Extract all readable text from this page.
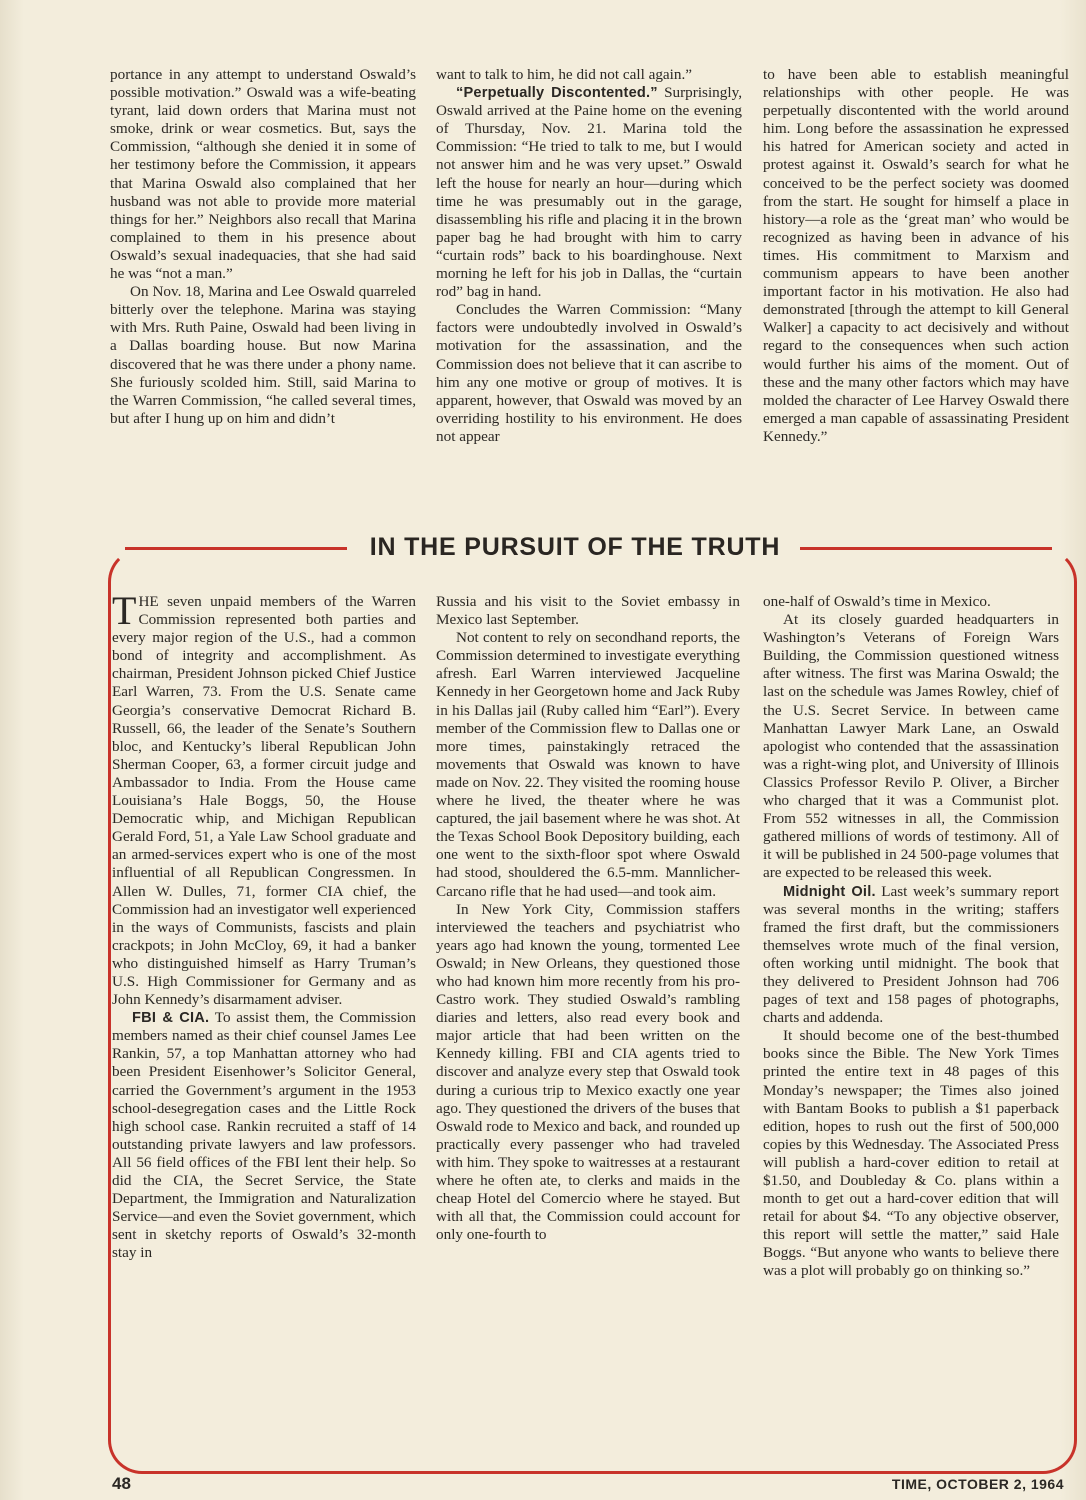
portance in any attempt to understand Oswald’s possible motivation.” Oswald was a wife-beating tyrant, laid down orders that Marina must not smoke, drink or wear cosmetics. But, says the Commission, “although she denied it in some of her testimony before the Commission, it appears that Marina Oswald also complained that her husband was not able to provide more material things for her.” Neighbors also recall that Marina complained to them in his presence about Oswald’s sexual inadequacies, that she had said he was “not a man.”

On Nov. 18, Marina and Lee Oswald quarreled bitterly over the telephone. Marina was staying with Mrs. Ruth Paine, Oswald had been living in a Dallas boarding house. But now Marina discovered that he was there under a phony name. She furiously scolded him. Still, said Marina to the Warren Commission, “he called several times, but after I hung up on him and didn’t

want to talk to him, he did not call again.”

“Perpetually Discontented.” Surprisingly, Oswald arrived at the Paine home on the evening of Thursday, Nov. 21. Marina told the Commission: “He tried to talk to me, but I would not answer him and he was very upset.” Oswald left the house for nearly an hour—during which time he was presumably out in the garage, disassembling his rifle and placing it in the brown paper bag he had brought with him to carry “curtain rods” back to his boardinghouse. Next morning he left for his job in Dallas, the “curtain rod” bag in hand.

Concludes the Warren Commission: “Many factors were undoubtedly involved in Oswald’s motivation for the assassination, and the Commission does not believe that it can ascribe to him any one motive or group of motives. It is apparent, however, that Oswald was moved by an overriding hostility to his environment. He does not appear

to have been able to establish meaningful relationships with other people. He was perpetually discontented with the world around him. Long before the assassination he expressed his hatred for American society and acted in protest against it. Oswald’s search for what he conceived to be the perfect society was doomed from the start. He sought for himself a place in history—a role as the ‘great man’ who would be recognized as having been in advance of his times. His commitment to Marxism and communism appears to have been another important factor in his motivation. He also had demonstrated [through the attempt to kill General Walker] a capacity to act decisively and without regard to the consequences when such action would further his aims of the moment. Out of these and the many other factors which may have molded the character of Lee Harvey Oswald there emerged a man capable of assassinating President Kennedy.”

IN THE PURSUIT OF THE TRUTH

THE seven unpaid members of the Warren Commission represented both parties and every major region of the U.S., had a common bond of integrity and accomplishment. As chairman, President Johnson picked Chief Justice Earl Warren, 73. From the U.S. Senate came Georgia’s conservative Democrat Richard B. Russell, 66, the leader of the Senate’s Southern bloc, and Kentucky’s liberal Republican John Sherman Cooper, 63, a former circuit judge and Ambassador to India. From the House came Louisiana’s Hale Boggs, 50, the House Democratic whip, and Michigan Republican Gerald Ford, 51, a Yale Law School graduate and an armed-services expert who is one of the most influential of all Republican Congressmen. In Allen W. Dulles, 71, former CIA chief, the Commission had an investigator well experienced in the ways of Communists, fascists and plain crackpots; in John McCloy, 69, it had a banker who distinguished himself as Harry Truman’s U.S. High Commissioner for Germany and as John Kennedy’s disarmament adviser.

FBI & CIA. To assist them, the Commission members named as their chief counsel James Lee Rankin, 57, a top Manhattan attorney who had been President Eisenhower’s Solicitor General, carried the Government’s argument in the 1953 school-desegregation cases and the Little Rock high school case. Rankin recruited a staff of 14 outstanding private lawyers and law professors. All 56 field offices of the FBI lent their help. So did the CIA, the Secret Service, the State Department, the Immigration and Naturalization Service—and even the Soviet government, which sent in sketchy reports of Oswald’s 32-month stay in

Russia and his visit to the Soviet embassy in Mexico last September.

Not content to rely on secondhand reports, the Commission determined to investigate everything afresh. Earl Warren interviewed Jacqueline Kennedy in her Georgetown home and Jack Ruby in his Dallas jail (Ruby called him “Earl”). Every member of the Commission flew to Dallas one or more times, painstakingly retraced the movements that Oswald was known to have made on Nov. 22. They visited the rooming house where he lived, the theater where he was captured, the jail basement where he was shot. At the Texas School Book Depository building, each one went to the sixth-floor spot where Oswald had stood, shouldered the 6.5-mm. Mannlicher-Carcano rifle that he had used—and took aim.

In New York City, Commission staffers interviewed the teachers and psychiatrist who years ago had known the young, tormented Lee Oswald; in New Orleans, they questioned those who had known him more recently from his pro-Castro work. They studied Oswald’s rambling diaries and letters, also read every book and major article that had been written on the Kennedy killing. FBI and CIA agents tried to discover and analyze every step that Oswald took during a curious trip to Mexico exactly one year ago. They questioned the drivers of the buses that Oswald rode to Mexico and back, and rounded up practically every passenger who had traveled with him. They spoke to waitresses at a restaurant where he often ate, to clerks and maids in the cheap Hotel del Comercio where he stayed. But with all that, the Commission could account for only one-fourth to

one-half of Oswald’s time in Mexico.

At its closely guarded headquarters in Washington’s Veterans of Foreign Wars Building, the Commission questioned witness after witness. The first was Marina Oswald; the last on the schedule was James Rowley, chief of the U.S. Secret Service. In between came Manhattan Lawyer Mark Lane, an Oswald apologist who contended that the assassination was a right-wing plot, and University of Illinois Classics Professor Revilo P. Oliver, a Bircher who charged that it was a Communist plot. From 552 witnesses in all, the Commission gathered millions of words of testimony. All of it will be published in 24 500-page volumes that are expected to be released this week.

Midnight Oil. Last week’s summary report was several months in the writing; staffers framed the first draft, but the commissioners themselves wrote much of the final version, often working until midnight. The book that they delivered to President Johnson had 706 pages of text and 158 pages of photographs, charts and addenda.

It should become one of the best-thumbed books since the Bible. The New York Times printed the entire text in 48 pages of this Monday’s newspaper; the Times also joined with Bantam Books to publish a $1 paperback edition, hopes to rush out the first of 500,000 copies by this Wednesday. The Associated Press will publish a hard-cover edition to retail at $1.50, and Doubleday & Co. plans within a month to get out a hard-cover edition that will retail for about $4. “To any objective observer, this report will settle the matter,” said Hale Boggs. “But anyone who wants to believe there was a plot will probably go on thinking so.”

48	TIME, OCTOBER 2, 1964
